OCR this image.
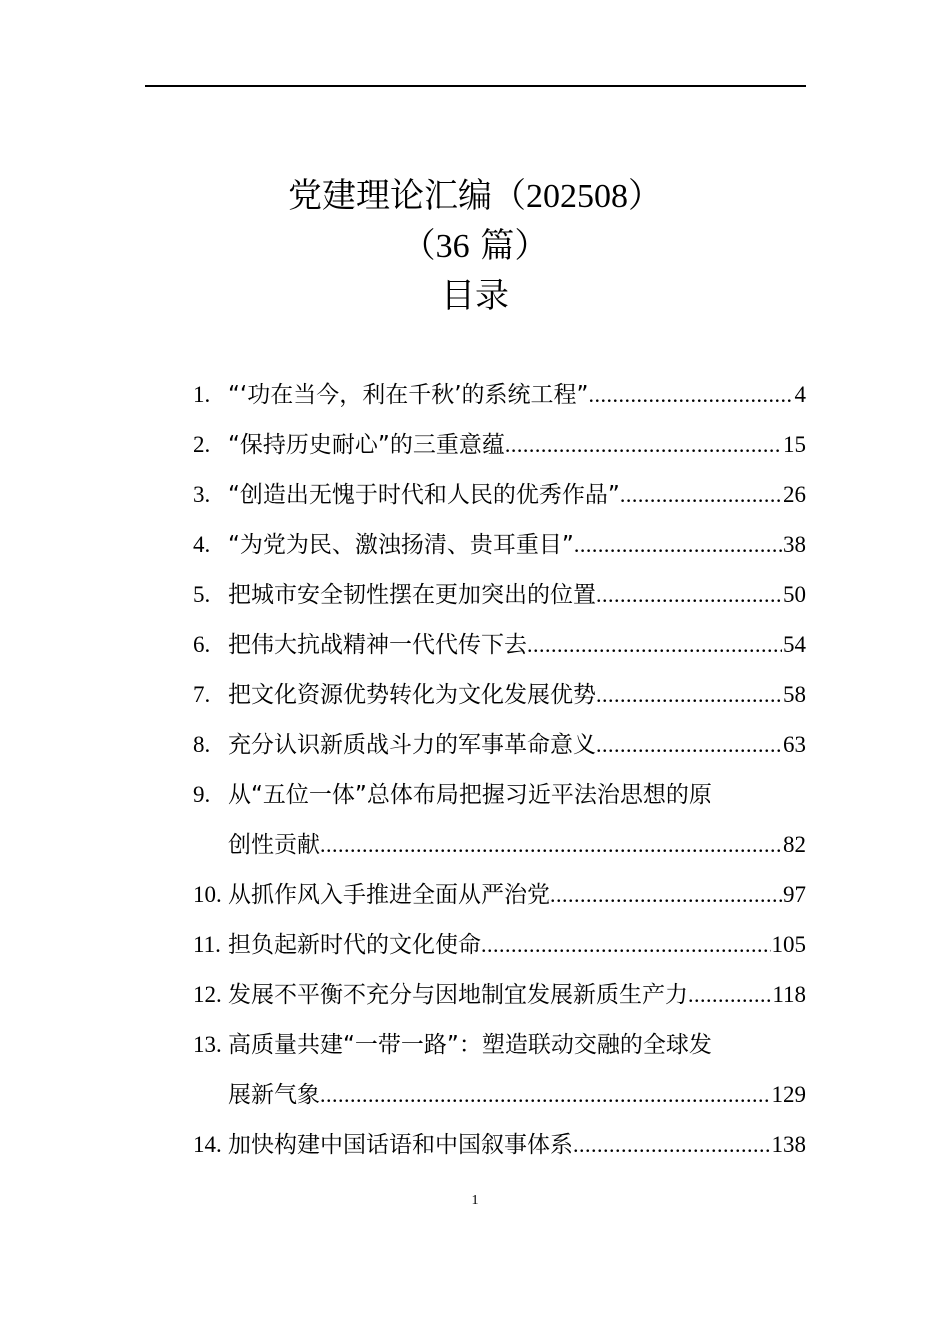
党建理论汇编（202508）
（36 篇）
目录
1. “‘功在当今，利在千秋’的系统工程” .....	4
2. “保持历史耐心”的三重意蕴 .....	15
3. “创造出无愧于时代和人民的优秀作品” .....	26
4. “为党为民、激浊扬清、贵耳重目” .....	38
5. 把城市安全韧性摆在更加突出的位置 .....	50
6. 把伟大抗战精神一代代传下去 .....	54
7. 把文化资源优势转化为文化发展优势 .....	58
8. 充分认识新质战斗力的军事革命意义 .....	63
9. 从“五位一体”总体布局把握习近平法治思想的原
创性贡献 .....	82
10. 从抓作风入手推进全面从严治党 .....	97
11. 担负起新时代的文化使命 .....	105
12. 发展不平衡不充分与因地制宜发展新质生产力 .....	118
13. 高质量共建“一带一路”：塑造联动交融的全球发
展新气象 .....	129
14. 加快构建中国话语和中国叙事体系 .....	138
1
